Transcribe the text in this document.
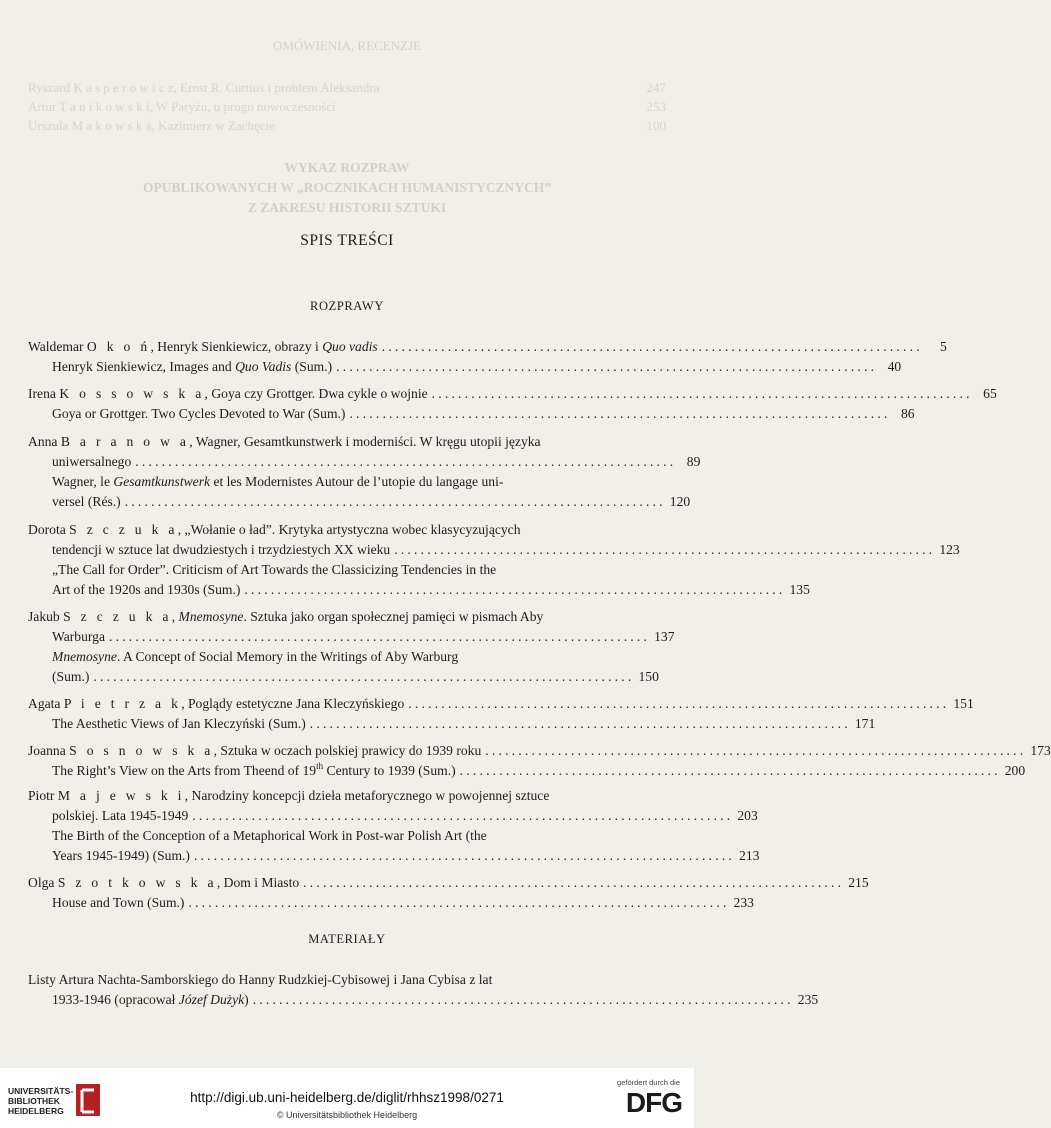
OMÓWIENIA, RECENZJE
Ryszard K a s p e r o w i c z, Ernst R. Curtius i problem Aleksandra	247
Artur T a n i k o w s k i, W Paryżu, u progu nowoczesności	253
Urszula M a k o w s k a, Kazimierz w Zachęcie	100
WYKAZ ROZPRAW
OPUBLIKOWANYCH W „ROCZNIKACH HUMANISTYCZNYCH”
Z ZAKRESU HISTORII SZTUKI
SPIS TREŚCI
ROZPRAWY
Waldemar O k o ń, Henryk Sienkiewicz, obrazy i Quo vadis ..................................................................................	5
Henryk Sienkiewicz, Images and Quo Vadis (Sum.) .................................................................................. 40
Irena K o s s o w s k a, Goya czy Grottger. Dwa cykle o wojnie .................................................................................. 65
Goya or Grottger. Two Cycles Devoted to War (Sum.) .................................................................................. 86
Anna B a r a n o w a, Wagner, Gesamtkunstwerk i moderniści. W kręgu utopii języka
uniwersalnego .................................................................................. 89
Wagner, le Gesamtkunstwerk et les Modernistes Autour de l’utopie du langage uni-
versel (Rés.) .................................................................................. 120
Dorota S z c z u k a, „Wołanie o ład”. Krytyka artystyczna wobec klasycyzujących
tendencji w sztuce lat dwudziestych i trzydziestych XX wieku .................................................................................. 123
„The Call for Order”. Criticism of Art Towards the Classicizing Tendencies in the
Art of the 1920s and 1930s (Sum.) .................................................................................. 135
Jakub S z c z u k a, Mnemosyne. Sztuka jako organ społecznej pamięci w pismach Aby
Warburga .................................................................................. 137
Mnemosyne. A Concept of Social Memory in the Writings of Aby Warburg
(Sum.) .................................................................................. 150
Agata P i e t r z a k, Poglądy estetyczne Jana Kleczyńskiego .................................................................................. 151
The Aesthetic Views of Jan Kleczyński (Sum.) .................................................................................. 171
Joanna S o s n o w s k a, Sztuka w oczach polskiej prawicy do 1939 roku .................................................................................. 173
The Right’s View on the Arts from Theend of 19th Century to 1939 (Sum.) .................................................................................. 200
Piotr M a j e w s k i, Narodziny koncepcji dzieła metaforycznego w powojennej sztuce
polskiej. Lata 1945-1949 .................................................................................. 203
The Birth of the Conception of a Metaphorical Work in Post-war Polish Art (the
Years 1945-1949) (Sum.) .................................................................................. 213
Olga S z o t k o w s k a, Dom i Miasto .................................................................................. 215
House and Town (Sum.) .................................................................................. 233
MATERIAŁY
Listy Artura Nachta-Samborskiego do Hanny Rudzkiej-Cybisowej i Jana Cybisa z lat
1933-1946 (opracował Józef Dużyk) .................................................................................. 235
UNIVERSITÄTS-
BIBLIOTHEK
HEIDELBERG
http://digi.ub.uni-heidelberg.de/diglit/rhhsz1998/0271
© Universitätsbibliothek Heidelberg
gefördert durch die
DFG
